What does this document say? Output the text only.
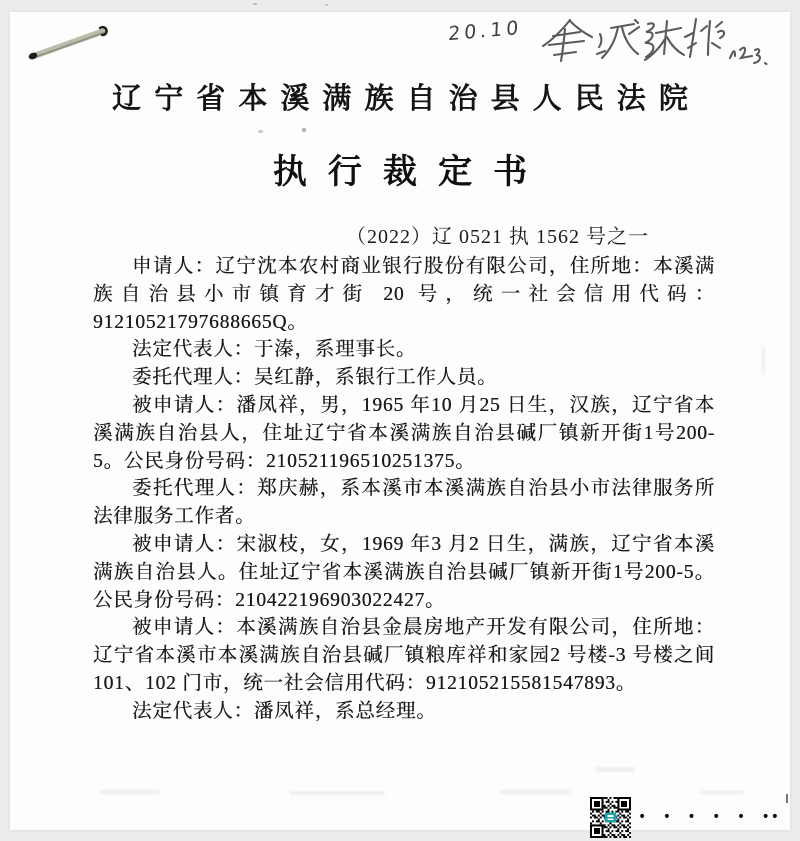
20.10
辽宁省本溪满族自治县人民法院
执行裁定书
（2022）辽 0521 执 1562 号之一

申请人：辽宁沈本农村商业银行股份有限公司，住所地：本溪满族自治县小市镇育才街 20 号，统一社会信用代码：91210521797688665Q。

法定代表人：于溱，系理事长。

委托代理人：吴红静，系银行工作人员。

被申请人：潘凤祥，男，1965 年10 月25 日生，汉族，辽宁省本溪满族自治县人，住址辽宁省本溪满族自治县碱厂镇新开街1号200-5。公民身份号码：210521196510251375。

委托代理人：郑庆赫，系本溪市本溪满族自治县小市法律服务所法律服务工作者。

被申请人：宋淑枝，女，1969 年3 月2 日生，满族，辽宁省本溪满族自治县人。住址辽宁省本溪满族自治县碱厂镇新开街1号200-5。公民身份号码：210422196903022427。

被申请人：本溪满族自治县金晨房地产开发有限公司，住所地：辽宁省本溪市本溪满族自治县碱厂镇粮库祥和家园2 号楼-3 号楼之间101、102 门市，统一社会信用代码：912105215581547893。

法定代表人：潘凤祥，系总经理。

• • • • • ••
